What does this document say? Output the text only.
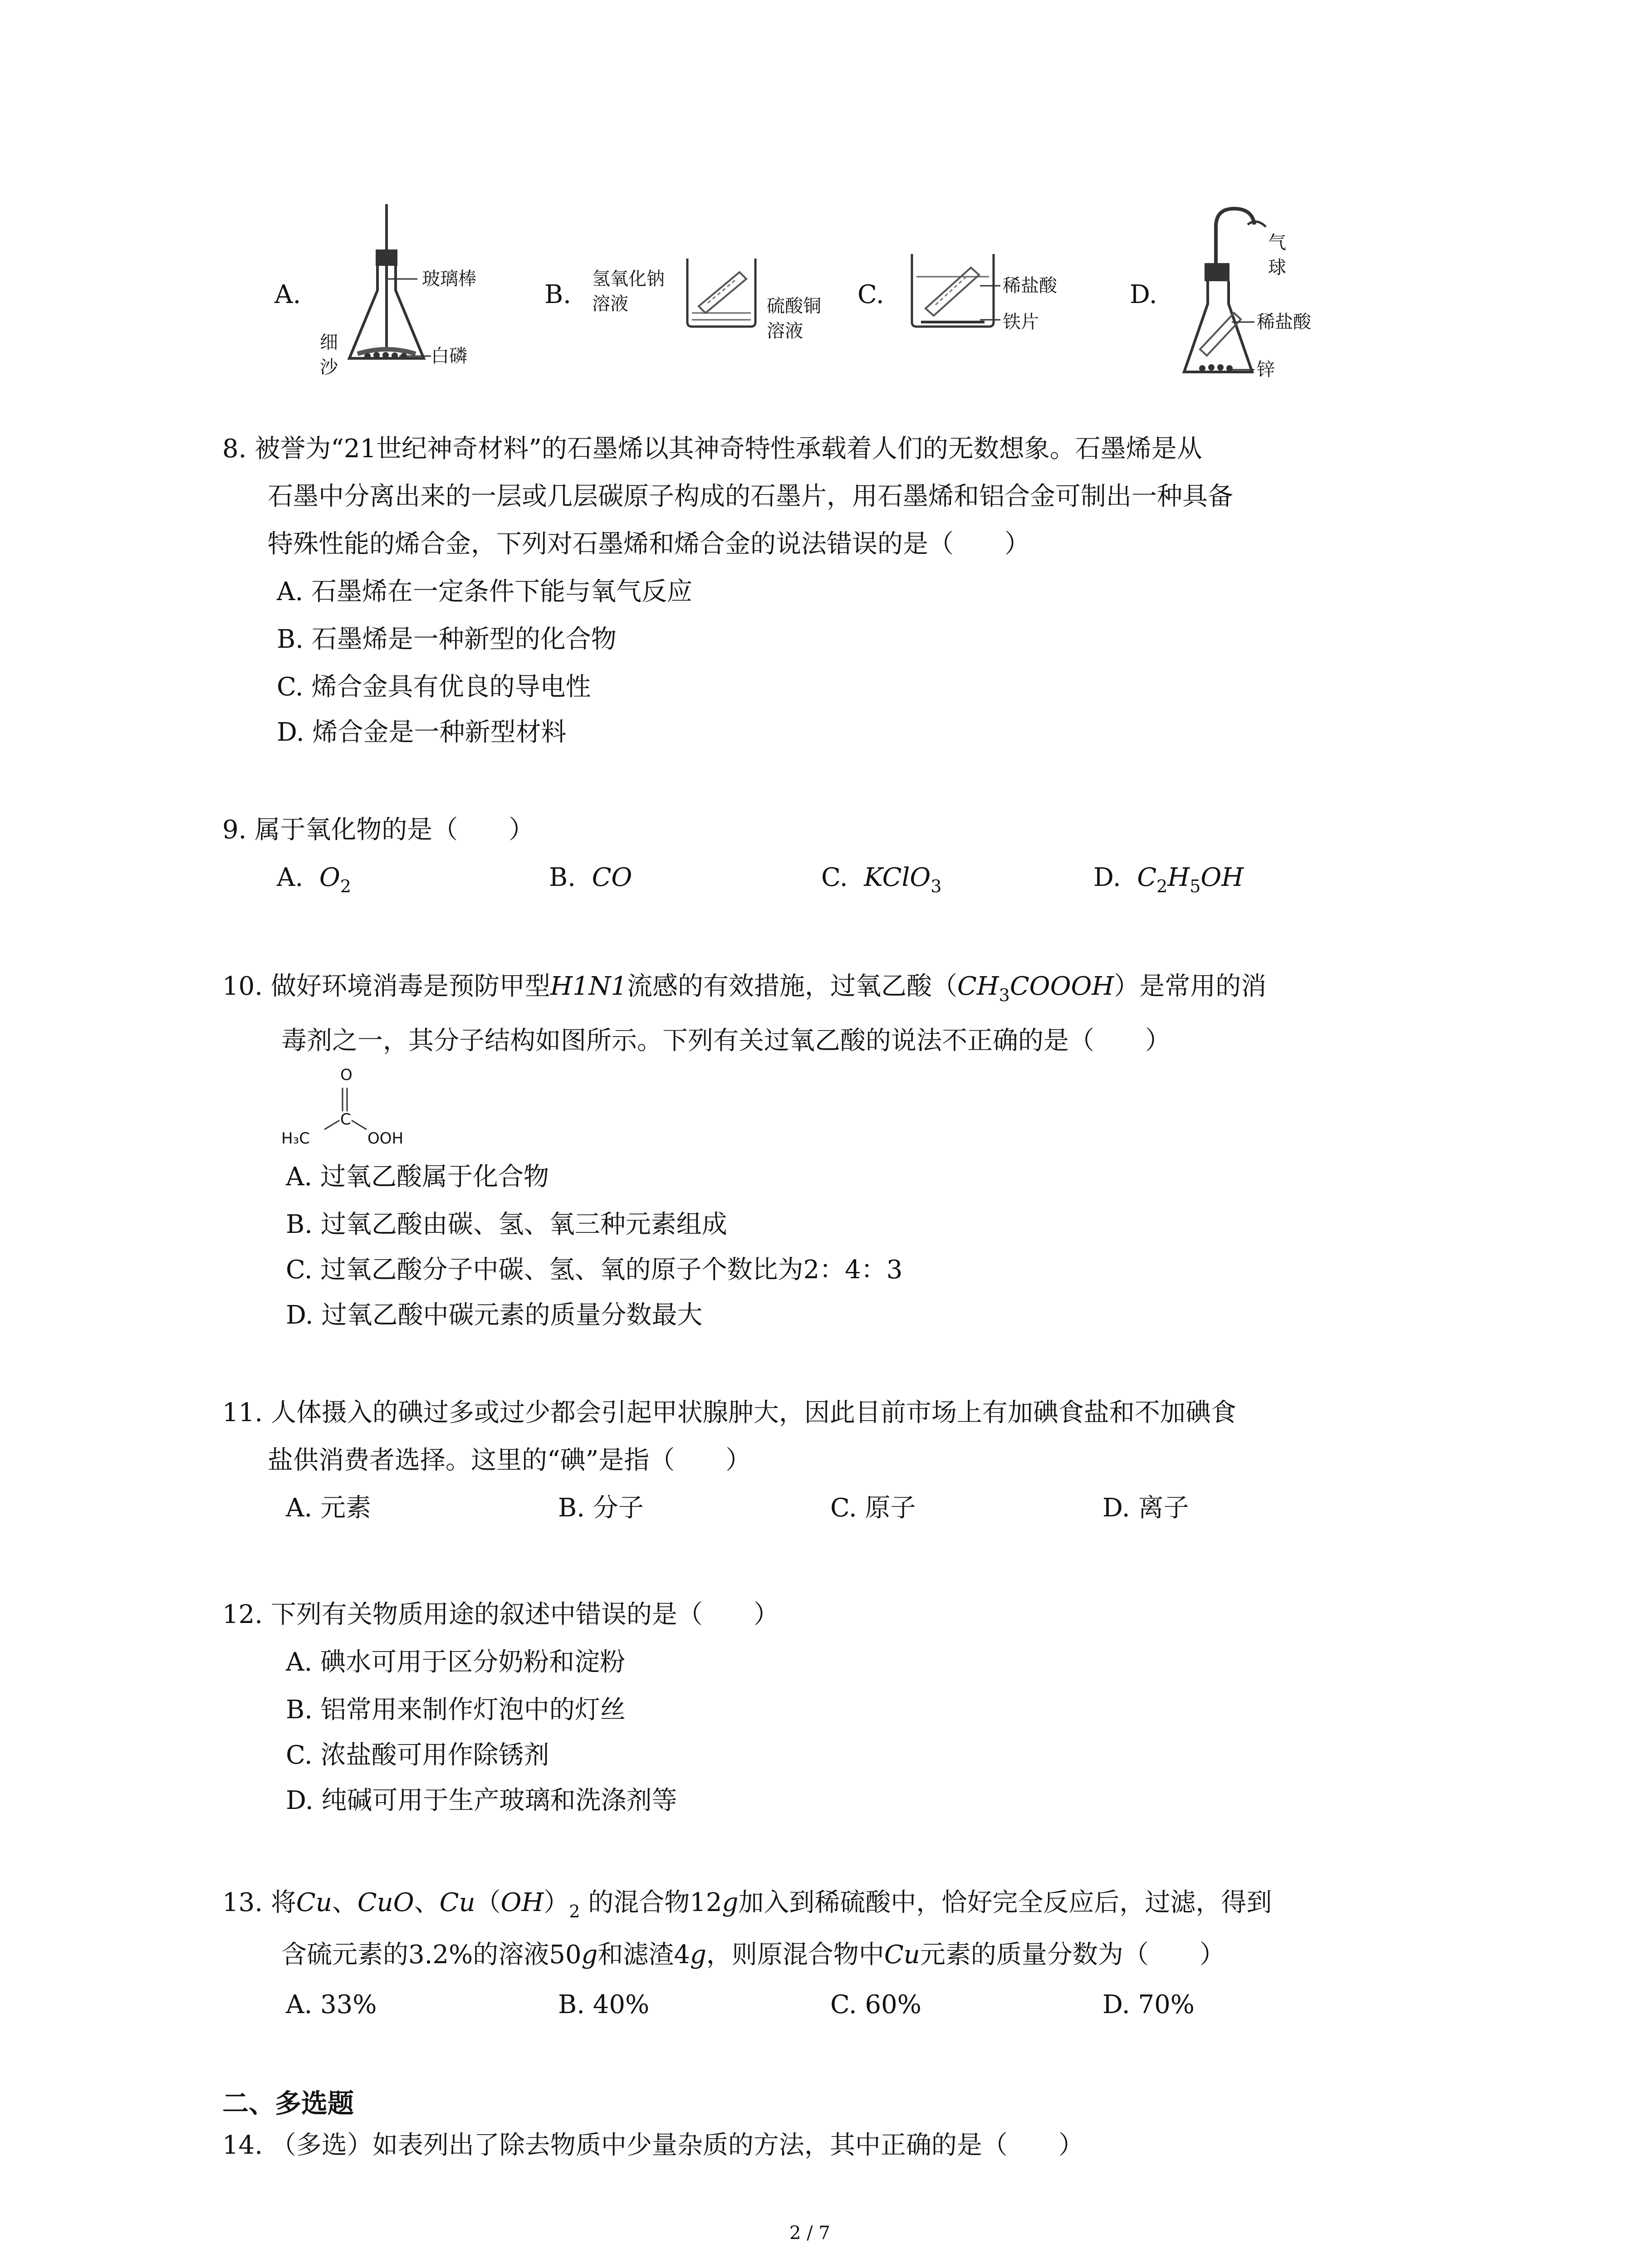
A.
玻璃棒
细
沙
白磷
B.
氢氧化钠
溶液	硫酸铜
溶液
C.	稀盐酸
铁片
D.
气
球
稀盐酸
锌
8. 被誉为“21世纪神奇材料”的石墨烯以其神奇特性承载着人们的无数想象。石墨烯是从
石墨中分离出来的一层或几层碳原子构成的石墨片，用石墨烯和铝合金可制出一种具备
特殊性能的烯合金，下列对石墨烯和烯合金的说法错误的是（　　）
A. 石墨烯在一定条件下能与氧气反应
B. 石墨烯是一种新型的化合物
C. 烯合金具有优良的导电性
D. 烯合金是一种新型材料
9. 属于氧化物的是（　　）
A. $O_2$	B. CO	C. KClO$_3$	D. $C_2H_5OH$
10. 做好环境消毒是预防甲型H1N1流感的有效措施，过氧乙酸$(CH_3COOOH)$是常用的消
毒剂之一，其分子结构如图所示。下列有关过氧乙酸的说法不正确的是（　　）
O
C
H₃C	OOH
A. 过氧乙酸属于化合物
B. 过氧乙酸由碳、氢、氧三种元素组成
C. 过氧乙酸分子中碳、氢、氧的原子个数比为2：4：3
D. 过氧乙酸中碳元素的质量分数最大
11. 人体摄入的碘过多或过少都会引起甲状腺肿大，因此目前市场上有加碘食盐和不加碘食
盐供消费者选择。这里的“碘”是指（　　）
A. 元素	B. 分子	C. 原子	D. 离子
12. 下列有关物质用途的叙述中错误的是（　　）
A. 碘水可用于区分奶粉和淀粉
B. 铝常用来制作灯泡中的灯丝
C. 浓盐酸可用作除锈剂
D. 纯碱可用于生产玻璃和洗涤剂等
13. 将Cu、CuO、$Cu(OH)_2$ 的混合物12g加入到稀硫酸中，恰好完全反应后，过滤，得到
含硫元素的3.2%的溶液50g和滤渣4g，则原混合物中Cu元素的质量分数为（　　）
A. 33%	B. 40%	C. 60%	D. 70%
二、多选题
14. （多选）如表列出了除去物质中少量杂质的方法，其中正确的是（　　）
2 / 7
